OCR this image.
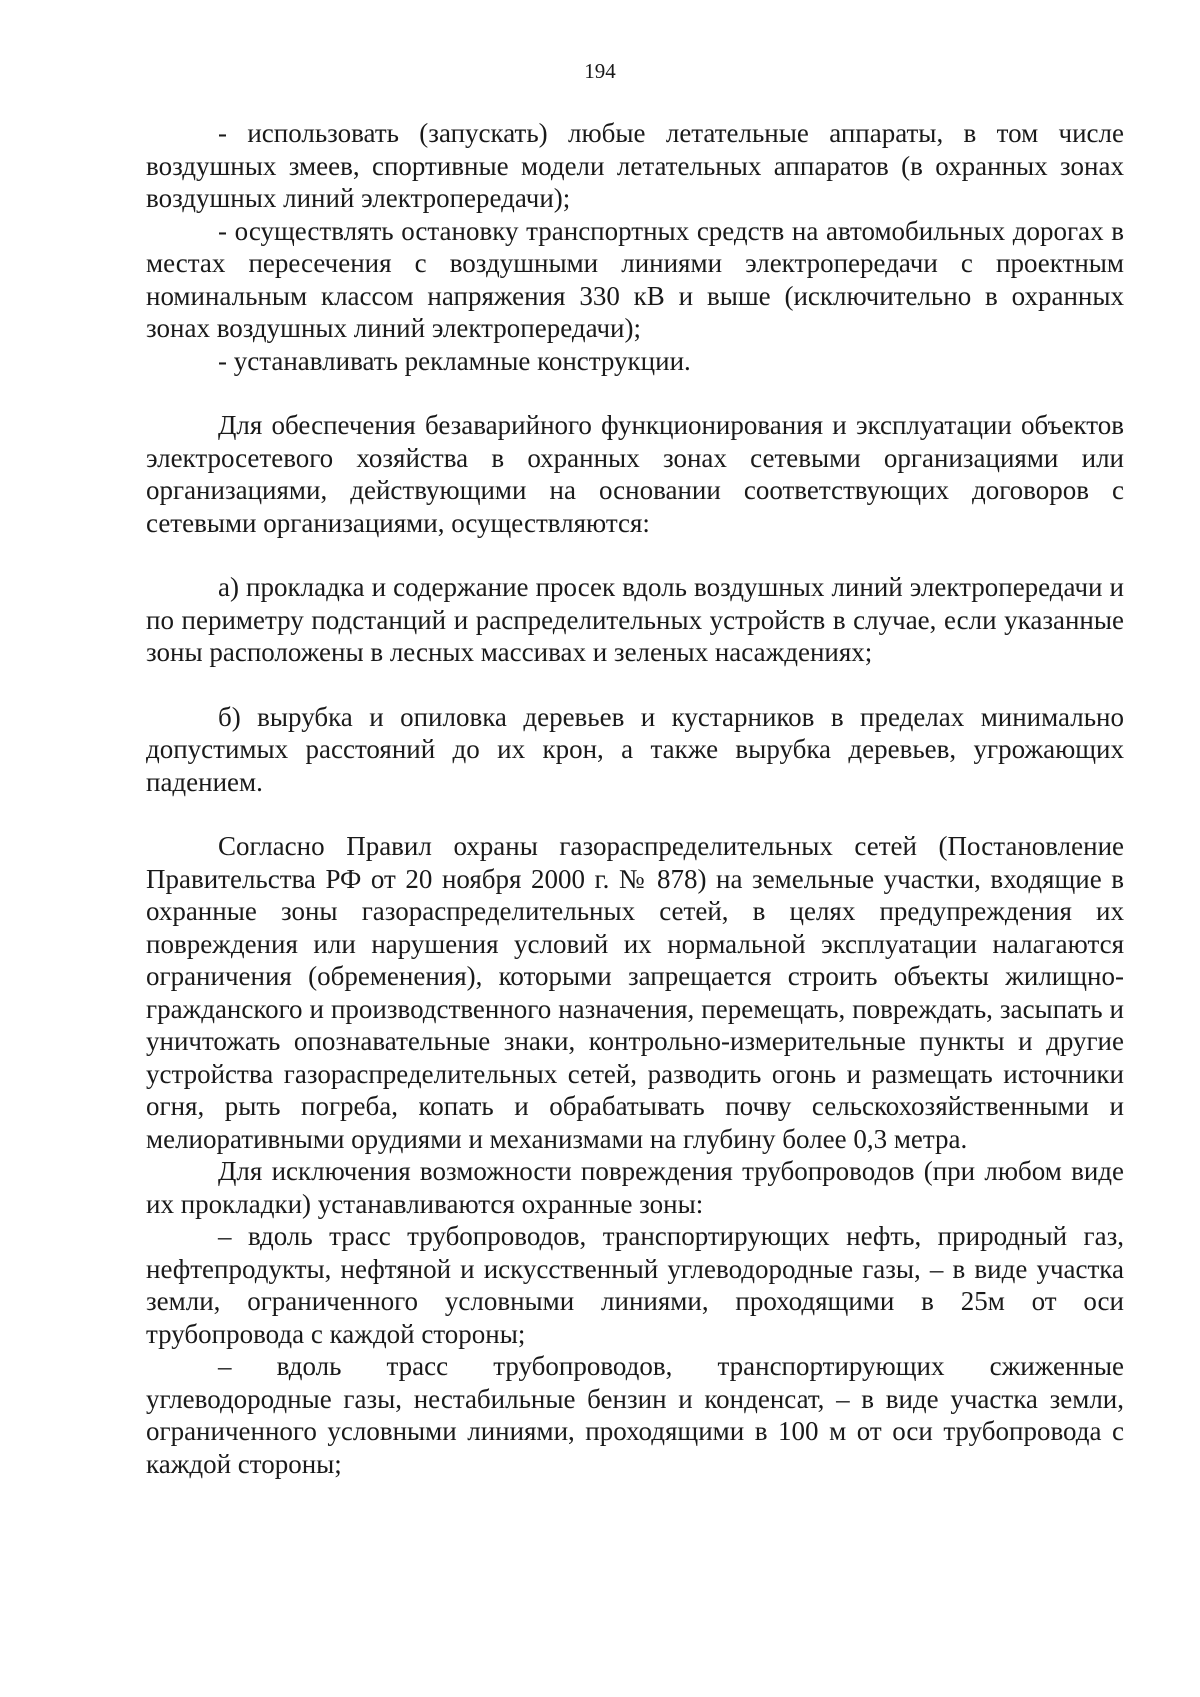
194

- использовать (запускать) любые летательные аппараты, в том числе воздушных змеев, спортивные модели летательных аппаратов (в охранных зонах воздушных линий электропередачи);

- осуществлять остановку транспортных средств на автомобильных дорогах в местах пересечения с воздушными линиями электропередачи с проектным номинальным классом напряжения 330 кВ и выше (исключительно в охранных зонах воздушных линий электропередачи);

- устанавливать рекламные конструкции.

Для обеспечения безаварийного функционирования и эксплуатации объектов электросетевого хозяйства в охранных зонах сетевыми организациями или организациями, действующими на основании соответствующих договоров с сетевыми организациями, осуществляются:

а) прокладка и содержание просек вдоль воздушных линий электропередачи и по периметру подстанций и распределительных устройств в случае, если указанные зоны расположены в лесных массивах и зеленых насаждениях;

б) вырубка и опиловка деревьев и кустарников в пределах минимально допустимых расстояний до их крон, а также вырубка деревьев, угрожающих падением.

Согласно Правил охраны газораспределительных сетей (Постановление Правительства РФ от 20 ноября 2000 г. № 878) на земельные участки, входящие в охранные зоны газораспределительных сетей, в целях предупреждения их повреждения или нарушения условий их нормальной эксплуатации налагаются ограничения (обременения), которыми запрещается строить объекты жилищно-гражданского и производственного назначения, перемещать, повреждать, засыпать и уничтожать опознавательные знаки, контрольно-измерительные пункты и другие устройства газораспределительных сетей, разводить огонь и размещать источники огня, рыть погреба, копать и обрабатывать почву сельскохозяйственными и мелиоративными орудиями и механизмами на глубину более 0,3 метра.

Для исключения возможности повреждения трубопроводов (при любом виде их прокладки) устанавливаются охранные зоны:

– вдоль трасс трубопроводов, транспортирующих нефть, природный газ, нефтепродукты, нефтяной и искусственный углеводородные газы, – в виде участка земли, ограниченного условными линиями, проходящими в 25м от оси трубопровода с каждой стороны;

– вдоль трасс трубопроводов, транспортирующих сжиженные углеводородные газы, нестабильные бензин и конденсат, – в виде участка земли, ограниченного условными линиями, проходящими в 100 м от оси трубопровода с каждой стороны;
